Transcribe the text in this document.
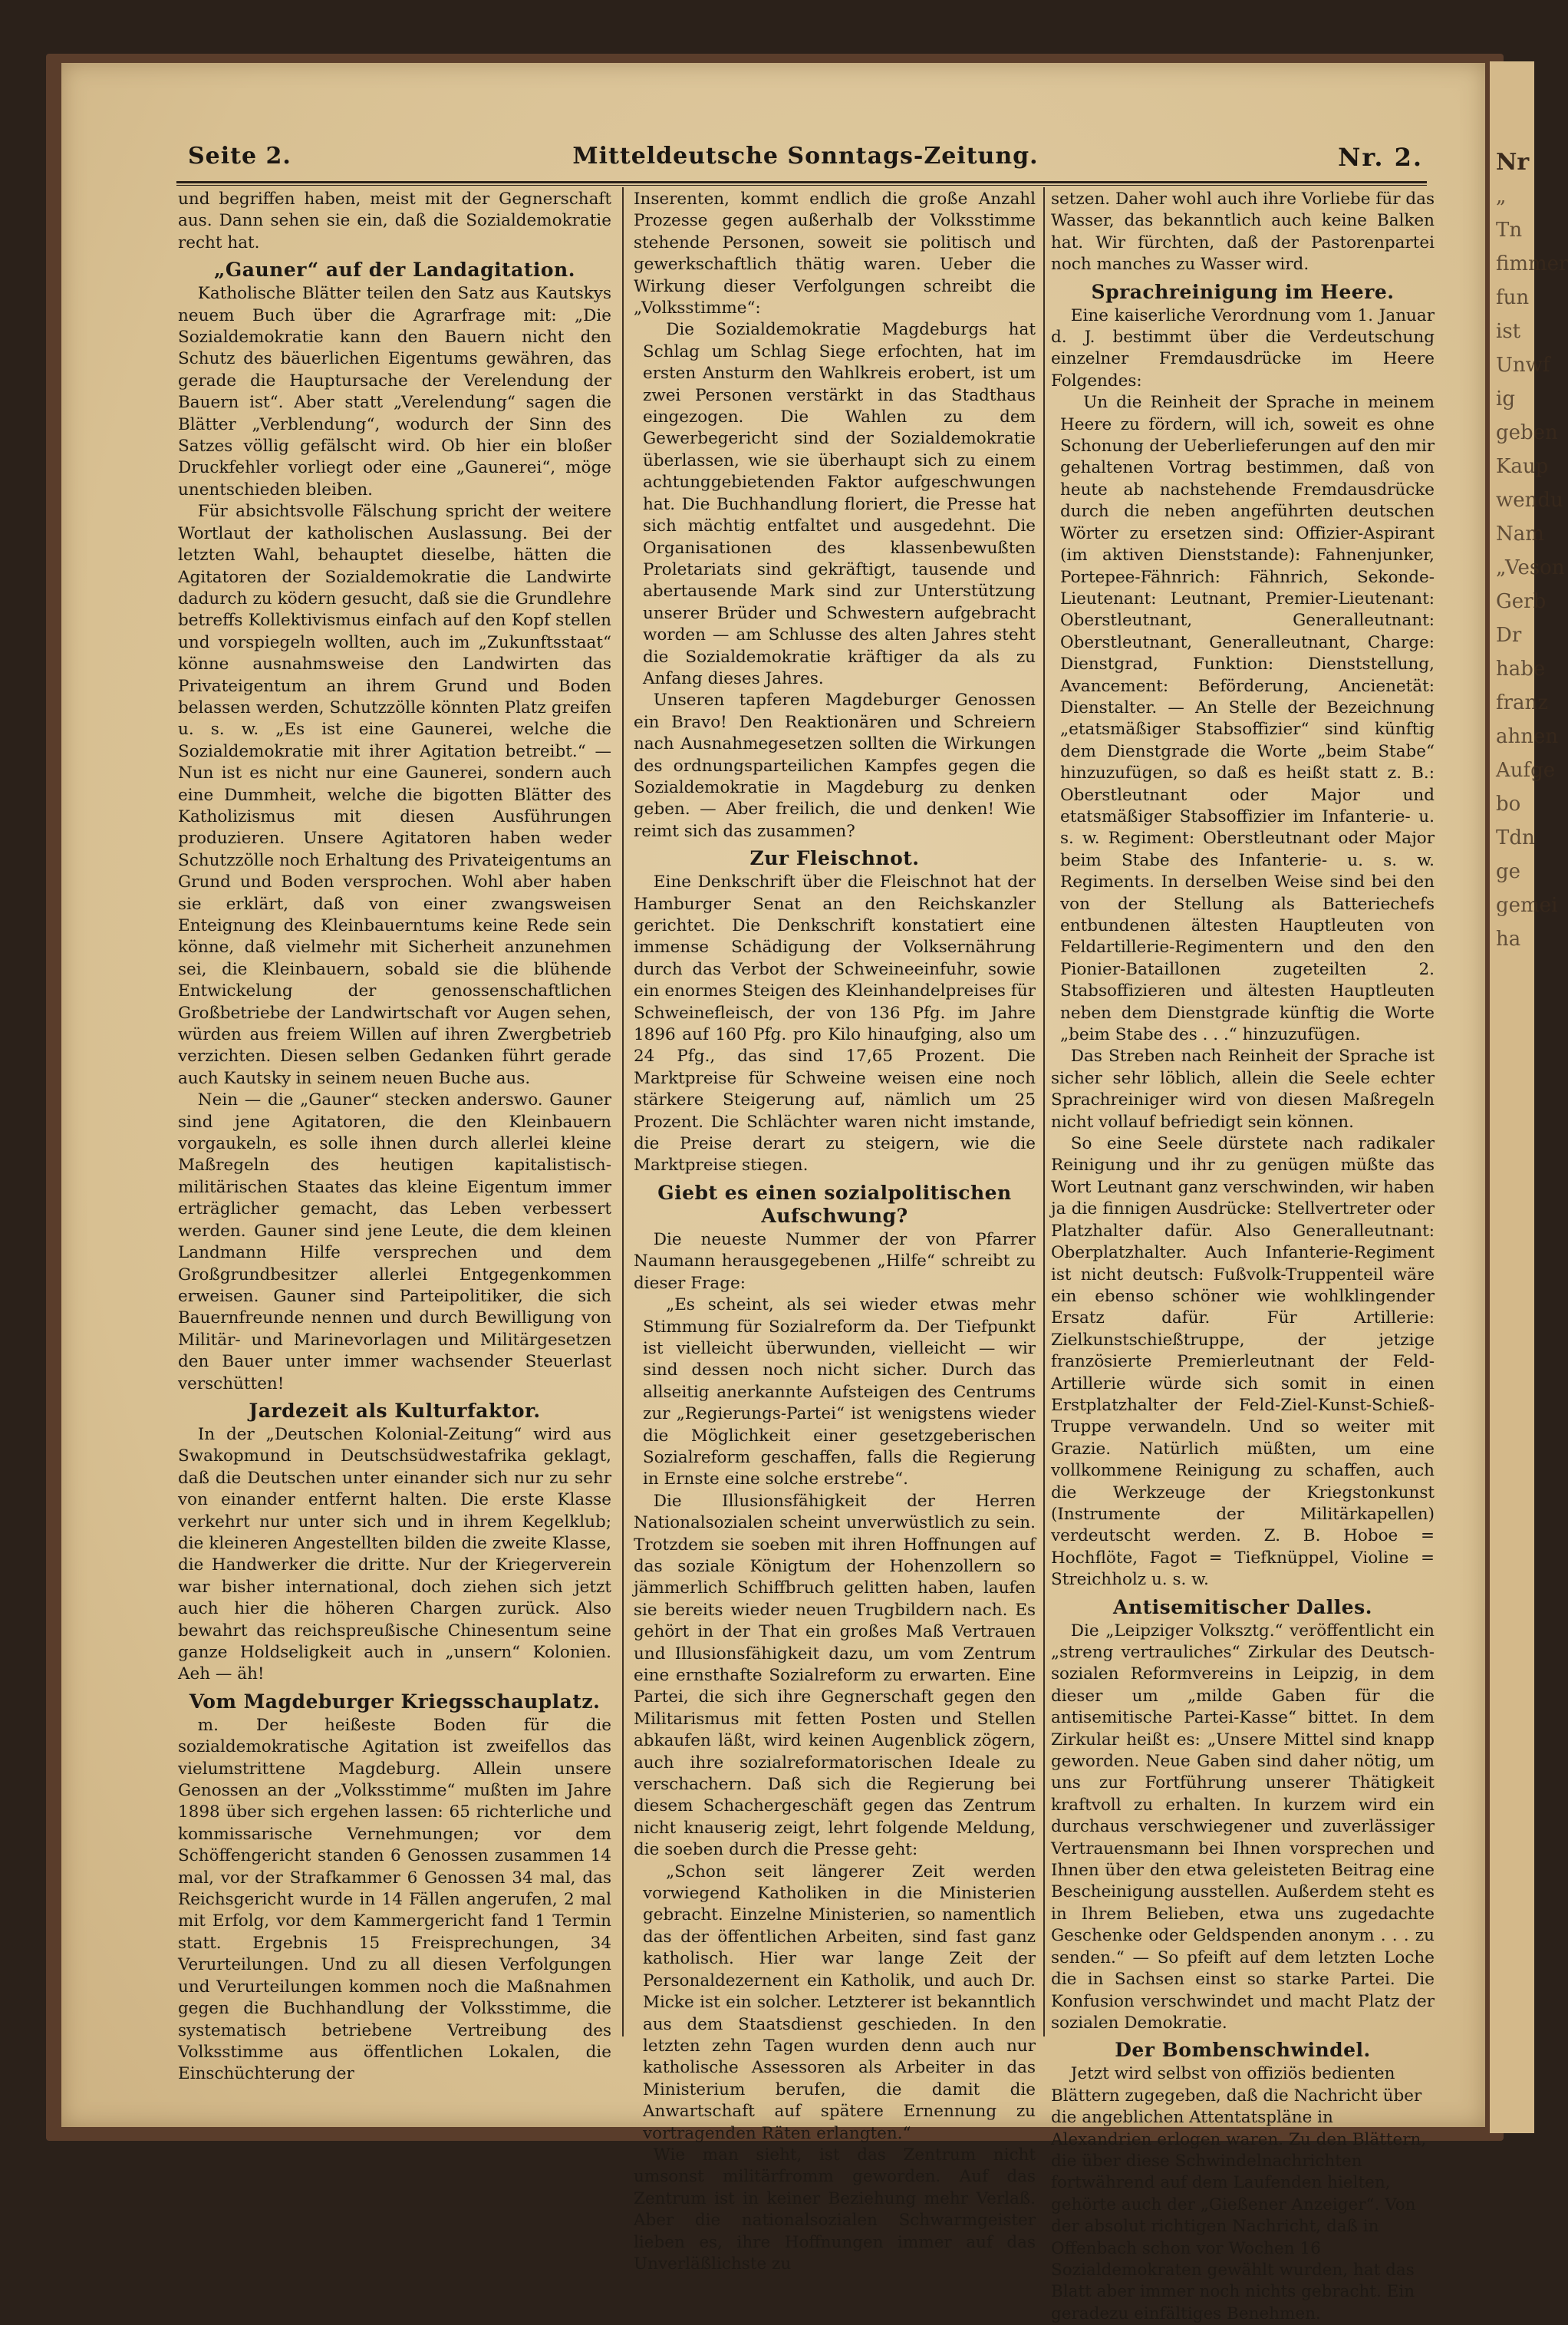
Nr
„
Tn
fimmer
fun
ist
Unwf
ig
geben
Kaup
wendu
Nam
„Veson
Gerb
Dr
habe
franz
ahnen
Aufge
bo
Tdn
ge
gemei
ha
Seite 2.	Mitteldeutsche Sonntags-Zeitung.	Nr. 2.

und begriffen haben, meist mit der Gegnerschaft aus. Dann sehen sie ein, daß die Sozialdemokratie recht hat.

„Gauner“ auf der Landagitation.

Katholische Blätter teilen den Satz aus Kautskys neuem Buch über die Agrarfrage mit: „Die Sozialdemokratie kann den Bauern nicht den Schutz des bäuerlichen Eigentums gewähren, das gerade die Hauptursache der Verelendung der Bauern ist“. Aber statt „Verelendung“ sagen die Blätter „Verblendung“, wodurch der Sinn des Satzes völlig gefälscht wird. Ob hier ein bloßer Druckfehler vorliegt oder eine „Gaunerei“, möge unentschieden bleiben.

Für absichtsvolle Fälschung spricht der weitere Wortlaut der katholischen Auslassung. Bei der letzten Wahl, behauptet dieselbe, hätten die Agitatoren der Sozialdemokratie die Landwirte dadurch zu ködern gesucht, daß sie die Grundlehre betreffs Kollektivismus einfach auf den Kopf stellen und vorspiegeln wollten, auch im „Zukunftsstaat“ könne ausnahmsweise den Landwirten das Privateigentum an ihrem Grund und Boden belassen werden, Schutzzölle könnten Platz greifen u. s. w. „Es ist eine Gaunerei, welche die Sozialdemokratie mit ihrer Agitation betreibt.“ — Nun ist es nicht nur eine Gaunerei, sondern auch eine Dummheit, welche die bigotten Blätter des Katholizismus mit diesen Ausführungen produzieren. Unsere Agitatoren haben weder Schutzzölle noch Erhaltung des Privateigentums an Grund und Boden versprochen. Wohl aber haben sie erklärt, daß von einer zwangsweisen Enteignung des Kleinbauerntums keine Rede sein könne, daß vielmehr mit Sicherheit anzunehmen sei, die Kleinbauern, sobald sie die blühende Entwickelung der genossenschaftlichen Großbetriebe der Landwirtschaft vor Augen sehen, würden aus freiem Willen auf ihren Zwergbetrieb verzichten. Diesen selben Gedanken führt gerade auch Kautsky in seinem neuen Buche aus.

Nein — die „Gauner“ stecken anderswo. Gauner sind jene Agitatoren, die den Kleinbauern vorgaukeln, es solle ihnen durch allerlei kleine Maßregeln des heutigen kapitalistisch-militärischen Staates das kleine Eigentum immer erträglicher gemacht, das Leben verbessert werden. Gauner sind jene Leute, die dem kleinen Landmann Hilfe versprechen und dem Großgrundbesitzer allerlei Entgegenkommen erweisen. Gauner sind Parteipolitiker, die sich Bauernfreunde nennen und durch Bewilligung von Militär- und Marinevorlagen und Militärgesetzen den Bauer unter immer wachsender Steuerlast verschütten!

Jardezeit als Kulturfaktor.

In der „Deutschen Kolonial-Zeitung“ wird aus Swakopmund in Deutschsüdwestafrika geklagt, daß die Deutschen unter einander sich nur zu sehr von einander entfernt halten. Die erste Klasse verkehrt nur unter sich und in ihrem Kegelklub; die kleineren Angestellten bilden die zweite Klasse, die Handwerker die dritte. Nur der Kriegerverein war bisher international, doch ziehen sich jetzt auch hier die höheren Chargen zurück. Also bewahrt das reichspreußische Chinesentum seine ganze Holdseligkeit auch in „unsern“ Kolonien. Aeh — äh!

Vom Magdeburger Kriegsschauplatz.

m. Der heißeste Boden für die sozialdemokratische Agitation ist zweifellos das vielumstrittene Magdeburg. Allein unsere Genossen an der „Volksstimme“ mußten im Jahre 1898 über sich ergehen lassen: 65 richterliche und kommissarische Vernehmungen; vor dem Schöffengericht standen 6 Genossen zusammen 14 mal, vor der Strafkammer 6 Genossen 34 mal, das Reichsgericht wurde in 14 Fällen angerufen, 2 mal mit Erfolg, vor dem Kammergericht fand 1 Termin statt. Ergebnis 15 Freisprechungen, 34 Verurteilungen. Und zu all diesen Verfolgungen und Verurteilungen kommen noch die Maßnahmen gegen die Buchhandlung der Volksstimme, die systematisch betriebene Vertreibung des Volksstimme aus öffentlichen Lokalen, die Einschüchterung der

Inserenten, kommt endlich die große Anzahl Prozesse gegen außerhalb der Volksstimme stehende Personen, soweit sie politisch und gewerkschaftlich thätig waren. Ueber die Wirkung dieser Verfolgungen schreibt die „Volksstimme“:

Die Sozialdemokratie Magdeburgs hat Schlag um Schlag Siege erfochten, hat im ersten Ansturm den Wahlkreis erobert, ist um zwei Personen verstärkt in das Stadthaus eingezogen. Die Wahlen zu dem Gewerbegericht sind der Sozialdemokratie überlassen, wie sie überhaupt sich zu einem achtunggebietenden Faktor aufgeschwungen hat. Die Buchhandlung floriert, die Presse hat sich mächtig entfaltet und ausgedehnt. Die Organisationen des klassenbewußten Proletariats sind gekräftigt, tausende und abertausende Mark sind zur Unterstützung unserer Brüder und Schwestern aufgebracht worden — am Schlusse des alten Jahres steht die Sozialdemokratie kräftiger da als zu Anfang dieses Jahres.

Unseren tapferen Magdeburger Genossen ein Bravo! Den Reaktionären und Schreiern nach Ausnahmegesetzen sollten die Wirkungen des ordnungsparteilichen Kampfes gegen die Sozialdemokratie in Magdeburg zu denken geben. — Aber freilich, die und denken! Wie reimt sich das zusammen?

Zur Fleischnot.

Eine Denkschrift über die Fleischnot hat der Hamburger Senat an den Reichskanzler gerichtet. Die Denkschrift konstatiert eine immense Schädigung der Volksernährung durch das Verbot der Schweineeinfuhr, sowie ein enormes Steigen des Kleinhandelpreises für Schweinefleisch, der von 136 Pfg. im Jahre 1896 auf 160 Pfg. pro Kilo hinaufging, also um 24 Pfg., das sind 17,65 Prozent. Die Marktpreise für Schweine weisen eine noch stärkere Steigerung auf, nämlich um 25 Prozent. Die Schlächter waren nicht imstande, die Preise derart zu steigern, wie die Marktpreise stiegen.

Giebt es einen sozialpolitischen
Aufschwung?

Die neueste Nummer der von Pfarrer Naumann herausgegebenen „Hilfe“ schreibt zu dieser Frage:

„Es scheint, als sei wieder etwas mehr Stimmung für Sozialreform da. Der Tiefpunkt ist vielleicht überwunden, vielleicht — wir sind dessen noch nicht sicher. Durch das allseitig anerkannte Aufsteigen des Centrums zur „Regierungs-Partei“ ist wenigstens wieder die Möglichkeit einer gesetzgeberischen Sozialreform geschaffen, falls die Regierung in Ernste eine solche erstrebe“.

Die Illusionsfähigkeit der Herren Nationalsozialen scheint unverwüstlich zu sein. Trotzdem sie soeben mit ihren Hoffnungen auf das soziale Königtum der Hohenzollern so jämmerlich Schiffbruch gelitten haben, laufen sie bereits wieder neuen Trugbildern nach. Es gehört in der That ein großes Maß Vertrauen und Illusionsfähigkeit dazu, um vom Zentrum eine ernsthafte Sozialreform zu erwarten. Eine Partei, die sich ihre Gegnerschaft gegen den Militarismus mit fetten Posten und Stellen abkaufen läßt, wird keinen Augenblick zögern, auch ihre sozialreformatorischen Ideale zu verschachern. Daß sich die Regierung bei diesem Schachergeschäft gegen das Zentrum nicht knauserig zeigt, lehrt folgende Meldung, die soeben durch die Presse geht:

„Schon seit längerer Zeit werden vorwiegend Katholiken in die Ministerien gebracht. Einzelne Ministerien, so namentlich das der öffentlichen Arbeiten, sind fast ganz katholisch. Hier war lange Zeit der Personaldezernent ein Katholik, und auch Dr. Micke ist ein solcher. Letzterer ist bekanntlich aus dem Staatsdienst geschieden. In den letzten zehn Tagen wurden denn auch nur katholische Assessoren als Arbeiter in das Ministerium berufen, die damit die Anwartschaft auf spätere Ernennung zu vortragenden Räten erlangten.“

Wie man sieht, ist das Zentrum nicht umsonst militärfromm geworden. Auf das Zentrum ist in keiner Beziehung mehr Verlaß. Aber die nationalsozialen Schwarmgeister lieben es, ihre Hoffnungen immer auf das Unverläßlichste zu

setzen. Daher wohl auch ihre Vorliebe für das Wasser, das bekanntlich auch keine Balken hat. Wir fürchten, daß der Pastorenpartei noch manches zu Wasser wird.

Sprachreinigung im Heere.

Eine kaiserliche Verordnung vom 1. Januar d. J. bestimmt über die Verdeutschung einzelner Fremdausdrücke im Heere Folgendes:

Un die Reinheit der Sprache in meinem Heere zu fördern, will ich, soweit es ohne Schonung der Ueberlieferungen auf den mir gehaltenen Vortrag bestimmen, daß von heute ab nachstehende Fremdausdrücke durch die neben angeführten deutschen Wörter zu ersetzen sind: Offizier-Aspirant (im aktiven Dienststande): Fahnenjunker, Portepee-Fähnrich: Fähnrich, Sekonde-Lieutenant: Leutnant, Premier-Lieutenant: Oberstleutnant, Generalleutnant: Oberstleutnant, Generalleutnant, Charge: Dienstgrad, Funktion: Dienststellung, Avancement: Beförderung, Ancienetät: Dienstalter. — An Stelle der Bezeichnung „etatsmäßiger Stabsoffizier“ sind künftig dem Dienstgrade die Worte „beim Stabe“ hinzuzufügen, so daß es heißt statt z. B.: Oberstleutnant oder Major und etatsmäßiger Stabsoffizier im Infanterie- u. s. w. Regiment: Oberstleutnant oder Major beim Stabe des Infanterie- u. s. w. Regiments. In derselben Weise sind bei den von der Stellung als Batteriechefs entbundenen ältesten Hauptleuten von Feldartillerie-Regimentern und den den Pionier-Bataillonen zugeteilten 2. Stabsoffizieren und ältesten Hauptleuten neben dem Dienstgrade künftig die Worte „beim Stabe des . . .“ hinzuzufügen.

Das Streben nach Reinheit der Sprache ist sicher sehr löblich, allein die Seele echter Sprachreiniger wird von diesen Maßregeln nicht vollauf befriedigt sein können.

So eine Seele dürstete nach radikaler Reinigung und ihr zu genügen müßte das Wort Leutnant ganz verschwinden, wir haben ja die finnigen Ausdrücke: Stellvertreter oder Platzhalter dafür. Also Generalleutnant: Oberplatzhalter. Auch Infanterie-Regiment ist nicht deutsch: Fußvolk-Truppenteil wäre ein ebenso schöner wie wohlklingender Ersatz dafür. Für Artillerie: Zielkunstschießtruppe, der jetzige französierte Premierleutnant der Feld-Artillerie würde sich somit in einen Erstplatzhalter der Feld-Ziel-Kunst-Schieß-Truppe verwandeln. Und so weiter mit Grazie. Natürlich müßten, um eine vollkommene Reinigung zu schaffen, auch die Werkzeuge der Kriegstonkunst (Instrumente der Militärkapellen) verdeutscht werden. Z. B. Hoboe = Hochflöte, Fagot = Tiefknüppel, Violine = Streichholz u. s. w.

Antisemitischer Dalles.

Die „Leipziger Volksztg.“ veröffentlicht ein „streng vertrauliches“ Zirkular des Deutsch-sozialen Reformvereins in Leipzig, in dem dieser um „milde Gaben für die antisemitische Partei-Kasse“ bittet. In dem Zirkular heißt es: „Unsere Mittel sind knapp geworden. Neue Gaben sind daher nötig, um uns zur Fortführung unserer Thätigkeit kraftvoll zu erhalten. In kurzem wird ein durchaus verschwiegener und zuverlässiger Vertrauensmann bei Ihnen vorsprechen und Ihnen über den etwa geleisteten Beitrag eine Bescheinigung ausstellen. Außerdem steht es in Ihrem Belieben, etwa uns zugedachte Geschenke oder Geldspenden anonym . . . zu senden.“ — So pfeift auf dem letzten Loche die in Sachsen einst so starke Partei. Die Konfusion verschwindet und macht Platz der sozialen Demokratie.

Der Bombenschwindel.

Jetzt wird selbst von offiziös bedienten Blättern zugegeben, daß die Nachricht über die angeblichen Attentatspläne in Alexandrien erlogen waren. Zu den Blättern, die über diese Schwindelnachrichten fortwährend auf dem Laufenden hielten, gehörte auch der „Gießener Anzeiger“. Von der absolut richtigen Nachricht, daß in Offenbach schon vor Wochen 16 Sozialdemokraten gewählt wurden, hat das Blatt aber immer noch nichts gebracht. Ein geradezu einfältiges Benehmen.
